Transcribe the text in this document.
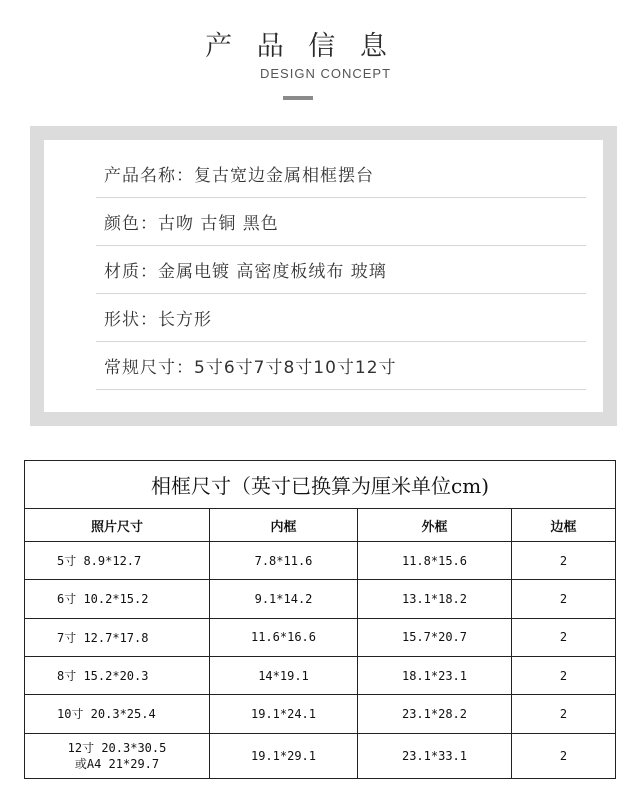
产 品 信 息
DESIGN CONCEPT
产品名称：复古宽边金属相框摆台
颜色：古吻 古铜 黑色
材质：金属电镀 高密度板绒布 玻璃
形状：长方形
常规尺寸：5寸6寸7寸8寸10寸12寸
相框尺寸（英寸已换算为厘米单位cm)			
照片尺寸	内框	外框	边框
5寸 8.9*12.7	7.8*11.6	11.8*15.6	2
6寸 10.2*15.2	9.1*14.2	13.1*18.2	2
7寸 12.7*17.8	11.6*16.6	15.7*20.7	2
8寸 15.2*20.3	14*19.1	18.1*23.1	2
10寸 20.3*25.4	19.1*24.1	23.1*28.2	2

12寸 20.3*30.5
或A4 21*29.7	19.1*29.1	23.1*33.1	2
